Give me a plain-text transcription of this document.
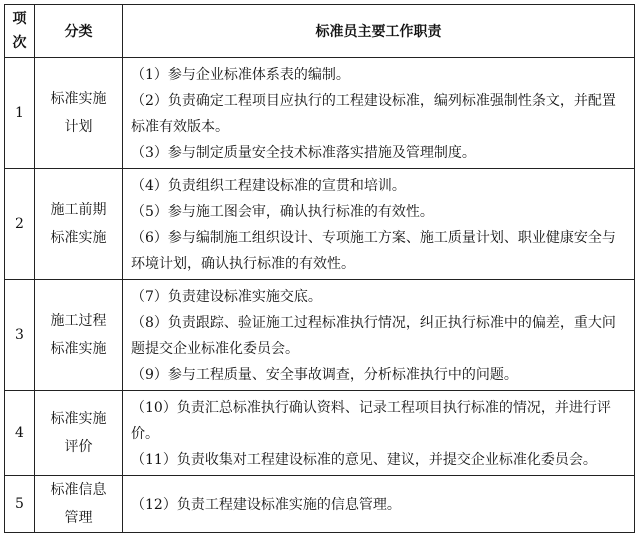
项次	分类	标准员主要工作职责
1	标准实施计划	（1）参与企业标准体系表的编制。
（2）负责确定工程项目应执行的工程建设标准，编列标准强制性条文，并配置标准有效版本。
（3）参与制定质量安全技术标准落实措施及管理制度。

2	施工前期标准实施	（4）负责组织工程建设标准的宣贯和培训。
（5）参与施工图会审，确认执行标准的有效性。
（6）参与编制施工组织设计、专项施工方案、施工质量计划、职业健康安全与环境计划，确认执行标准的有效性。

3	施工过程标准实施	（7）负责建设标准实施交底。
（8）负责跟踪、验证施工过程标准执行情况，纠正执行标准中的偏差，重大问题提交企业标准化委员会。
（9）参与工程质量、安全事故调查，分析标准执行中的问题。

4	标准实施评价	（10）负责汇总标准执行确认资料、记录工程项目执行标准的情况，并进行评价。
（11）负责收集对工程建设标准的意见、建议，并提交企业标准化委员会。

5	标准信息管理	（12）负责工程建设标准实施的信息管理。
